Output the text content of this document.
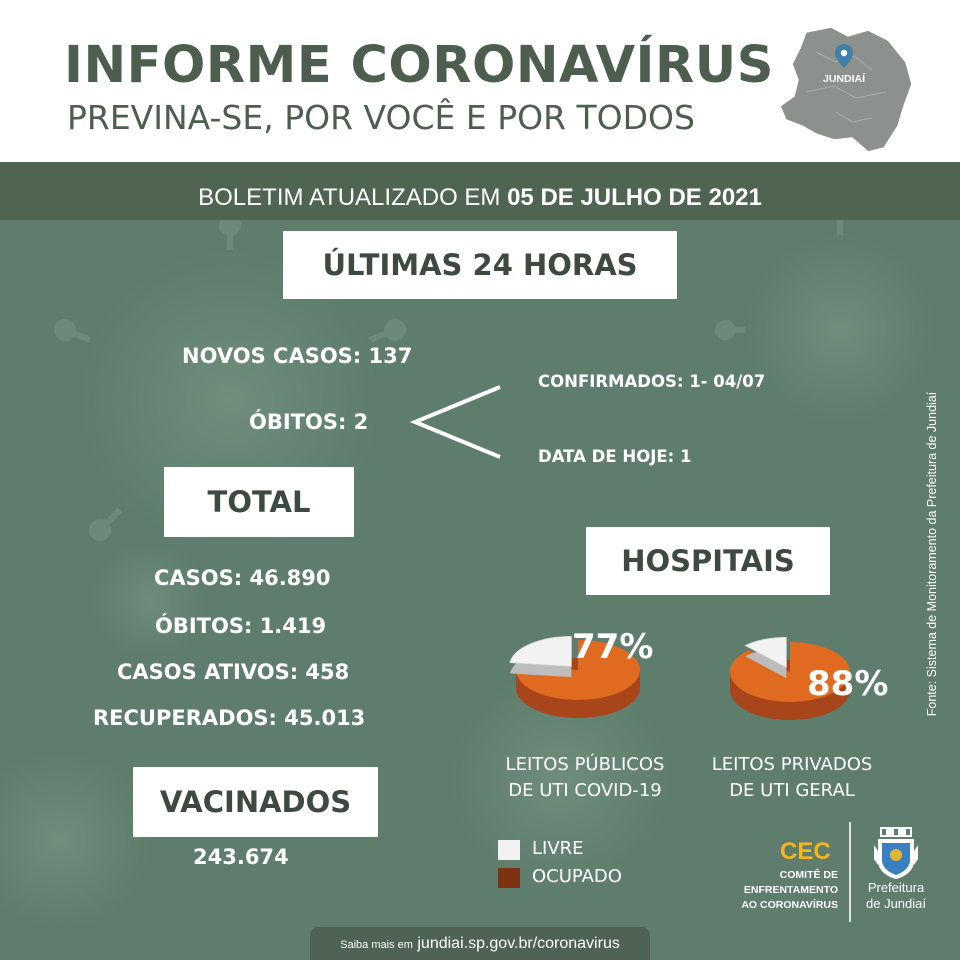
INFORME CORONAVÍRUS
PREVINA-SE, POR VOCÊ E POR TODOS
JUNDIAÍ
BOLETIM ATUALIZADO EM 05 DE JULHO DE 2021
ÚLTIMAS 24 HORAS
NOVOS CASOS: 137
ÓBITOS: 2
CONFIRMADOS: 1- 04/07
DATA DE HOJE: 1
TOTAL
CASOS: 46.890
ÓBITOS: 1.419
CASOS ATIVOS: 458
RECUPERADOS: 45.013
VACINADOS
243.674
HOSPITAIS
77%
88%
LEITOS PÚBLICOS
DE UTI COVID-19
LEITOS PRIVADOS
DE UTI GERAL
LIVRE
OCUPADO
CEC
COMITÊ DE
ENFRENTAMENTO
AO CORONAVÍRUS
Prefeitura
de Jundiaí
Fonte: Sistema de Monitoramento da Prefeitura de Jundiaí
Saiba mais em jundiai.sp.gov.br/coronavirus
